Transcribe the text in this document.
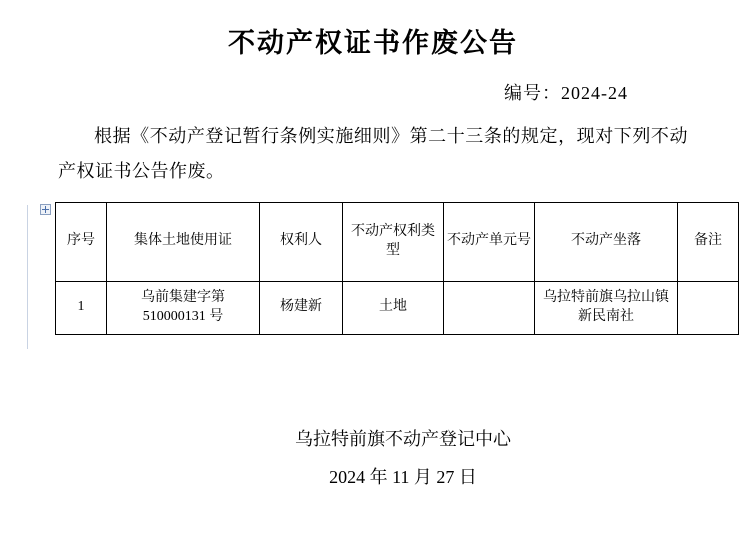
不动产权证书作废公告
编号：2024-24
根据《不动产登记暂行条例实施细则》第二十三条的规定，现对下列不动产权证书公告作废。
序号	集体土地使用证	权利人	不动产权利类型	不动产单元号	不动产坐落	备注
1	乌前集建字第510000131 号	杨建新	土地		乌拉特前旗乌拉山镇新民南社	
乌拉特前旗不动产登记中心
2024 年 11 月 27 日
